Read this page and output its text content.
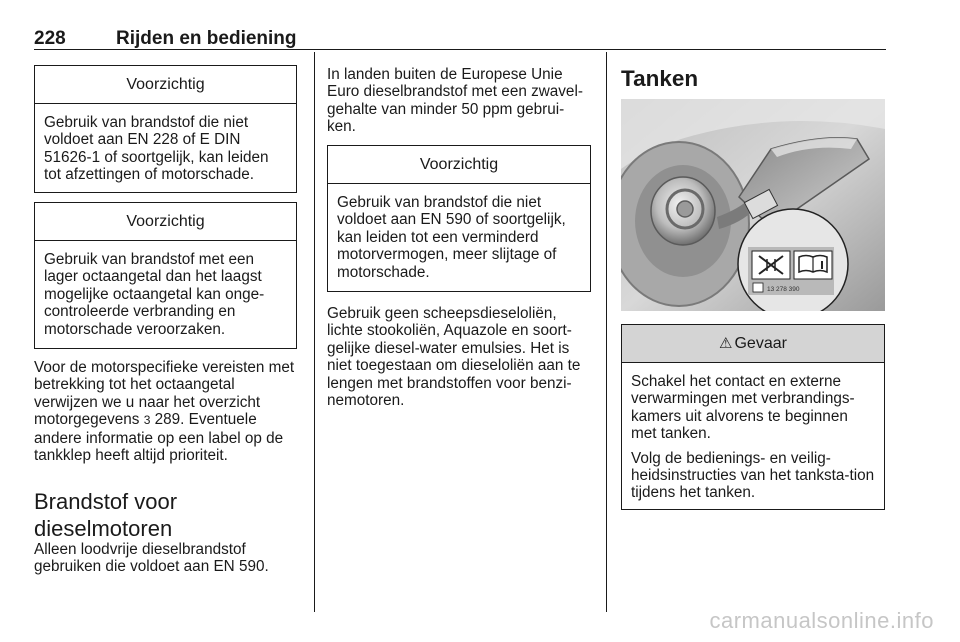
228	Rijden en bediening
Voorzichtig
Gebruik van brandstof die niet voldoet aan EN 228 of E DIN 51626-1 of soortgelijk, kan leiden tot afzettingen of motorschade.
Voorzichtig
Gebruik van brandstof met een lager octaangetal dan het laagst mogelijke octaangetal kan onge-controleerde verbranding en motorschade veroorzaken.
Voor de motorspecifieke vereisten met betrekking tot het octaangetal verwijzen we u naar het overzicht motorgegevens 3 289. Eventuele andere informatie op een label op de tankklep heeft altijd prioriteit.
Brandstof voor dieselmotoren
Alleen loodvrije dieselbrandstof gebruiken die voldoet aan EN 590.
In landen buiten de Europese Unie Euro dieselbrandstof met een zwavel-gehalte van minder 50 ppm gebrui-ken.
Voorzichtig
Gebruik van brandstof die niet voldoet aan EN 590 of soortgelijk, kan leiden tot een verminderd motorvermogen, meer slijtage of motorschade.
Gebruik geen scheepsdieseloliën, lichte stookoliën, Aquazole en soort-gelijke diesel-water emulsies. Het is niet toegestaan om dieseloliën aan te lengen met brandstoffen voor benzi-nemotoren.
Tanken
13 278 390
⚠ Gevaar

Schakel het contact en externe verwarmingen met verbrandings-kamers uit alvorens te beginnen met tanken.

Volg de bedienings- en veilig-heidsinstructies van het tanksta-tion tijdens het tanken.

carmanualsonline.info
